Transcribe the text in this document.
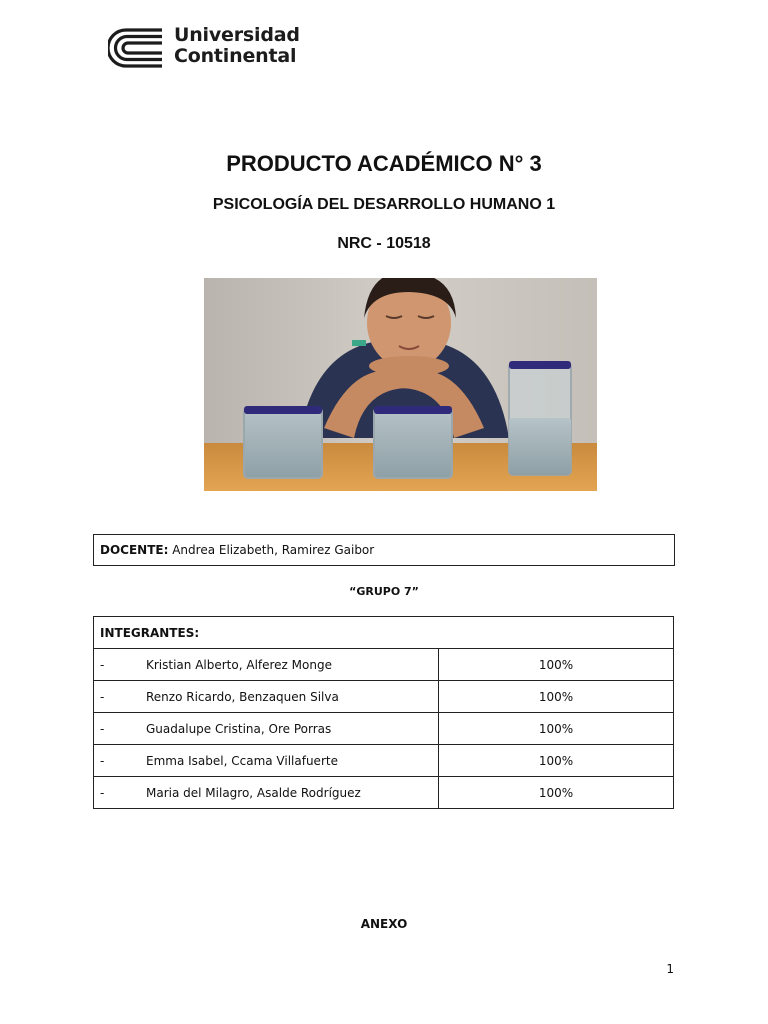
Universidad
Continental
PRODUCTO ACADÉMICO N° 3
PSICOLOGÍA DEL DESARROLLO HUMANO 1
NRC - 10518
DOCENTE: Andrea Elizabeth, Ramirez Gaibor
“GRUPO 7”
INTEGRANTES:	
- Kristian Alberto, Alferez Monge	100%
- Renzo Ricardo, Benzaquen Silva	100%
- Guadalupe Cristina, Ore Porras	100%
- Emma Isabel, Ccama Villafuerte	100%
- Maria del Milagro, Asalde Rodríguez	100%
ANEXO
1
